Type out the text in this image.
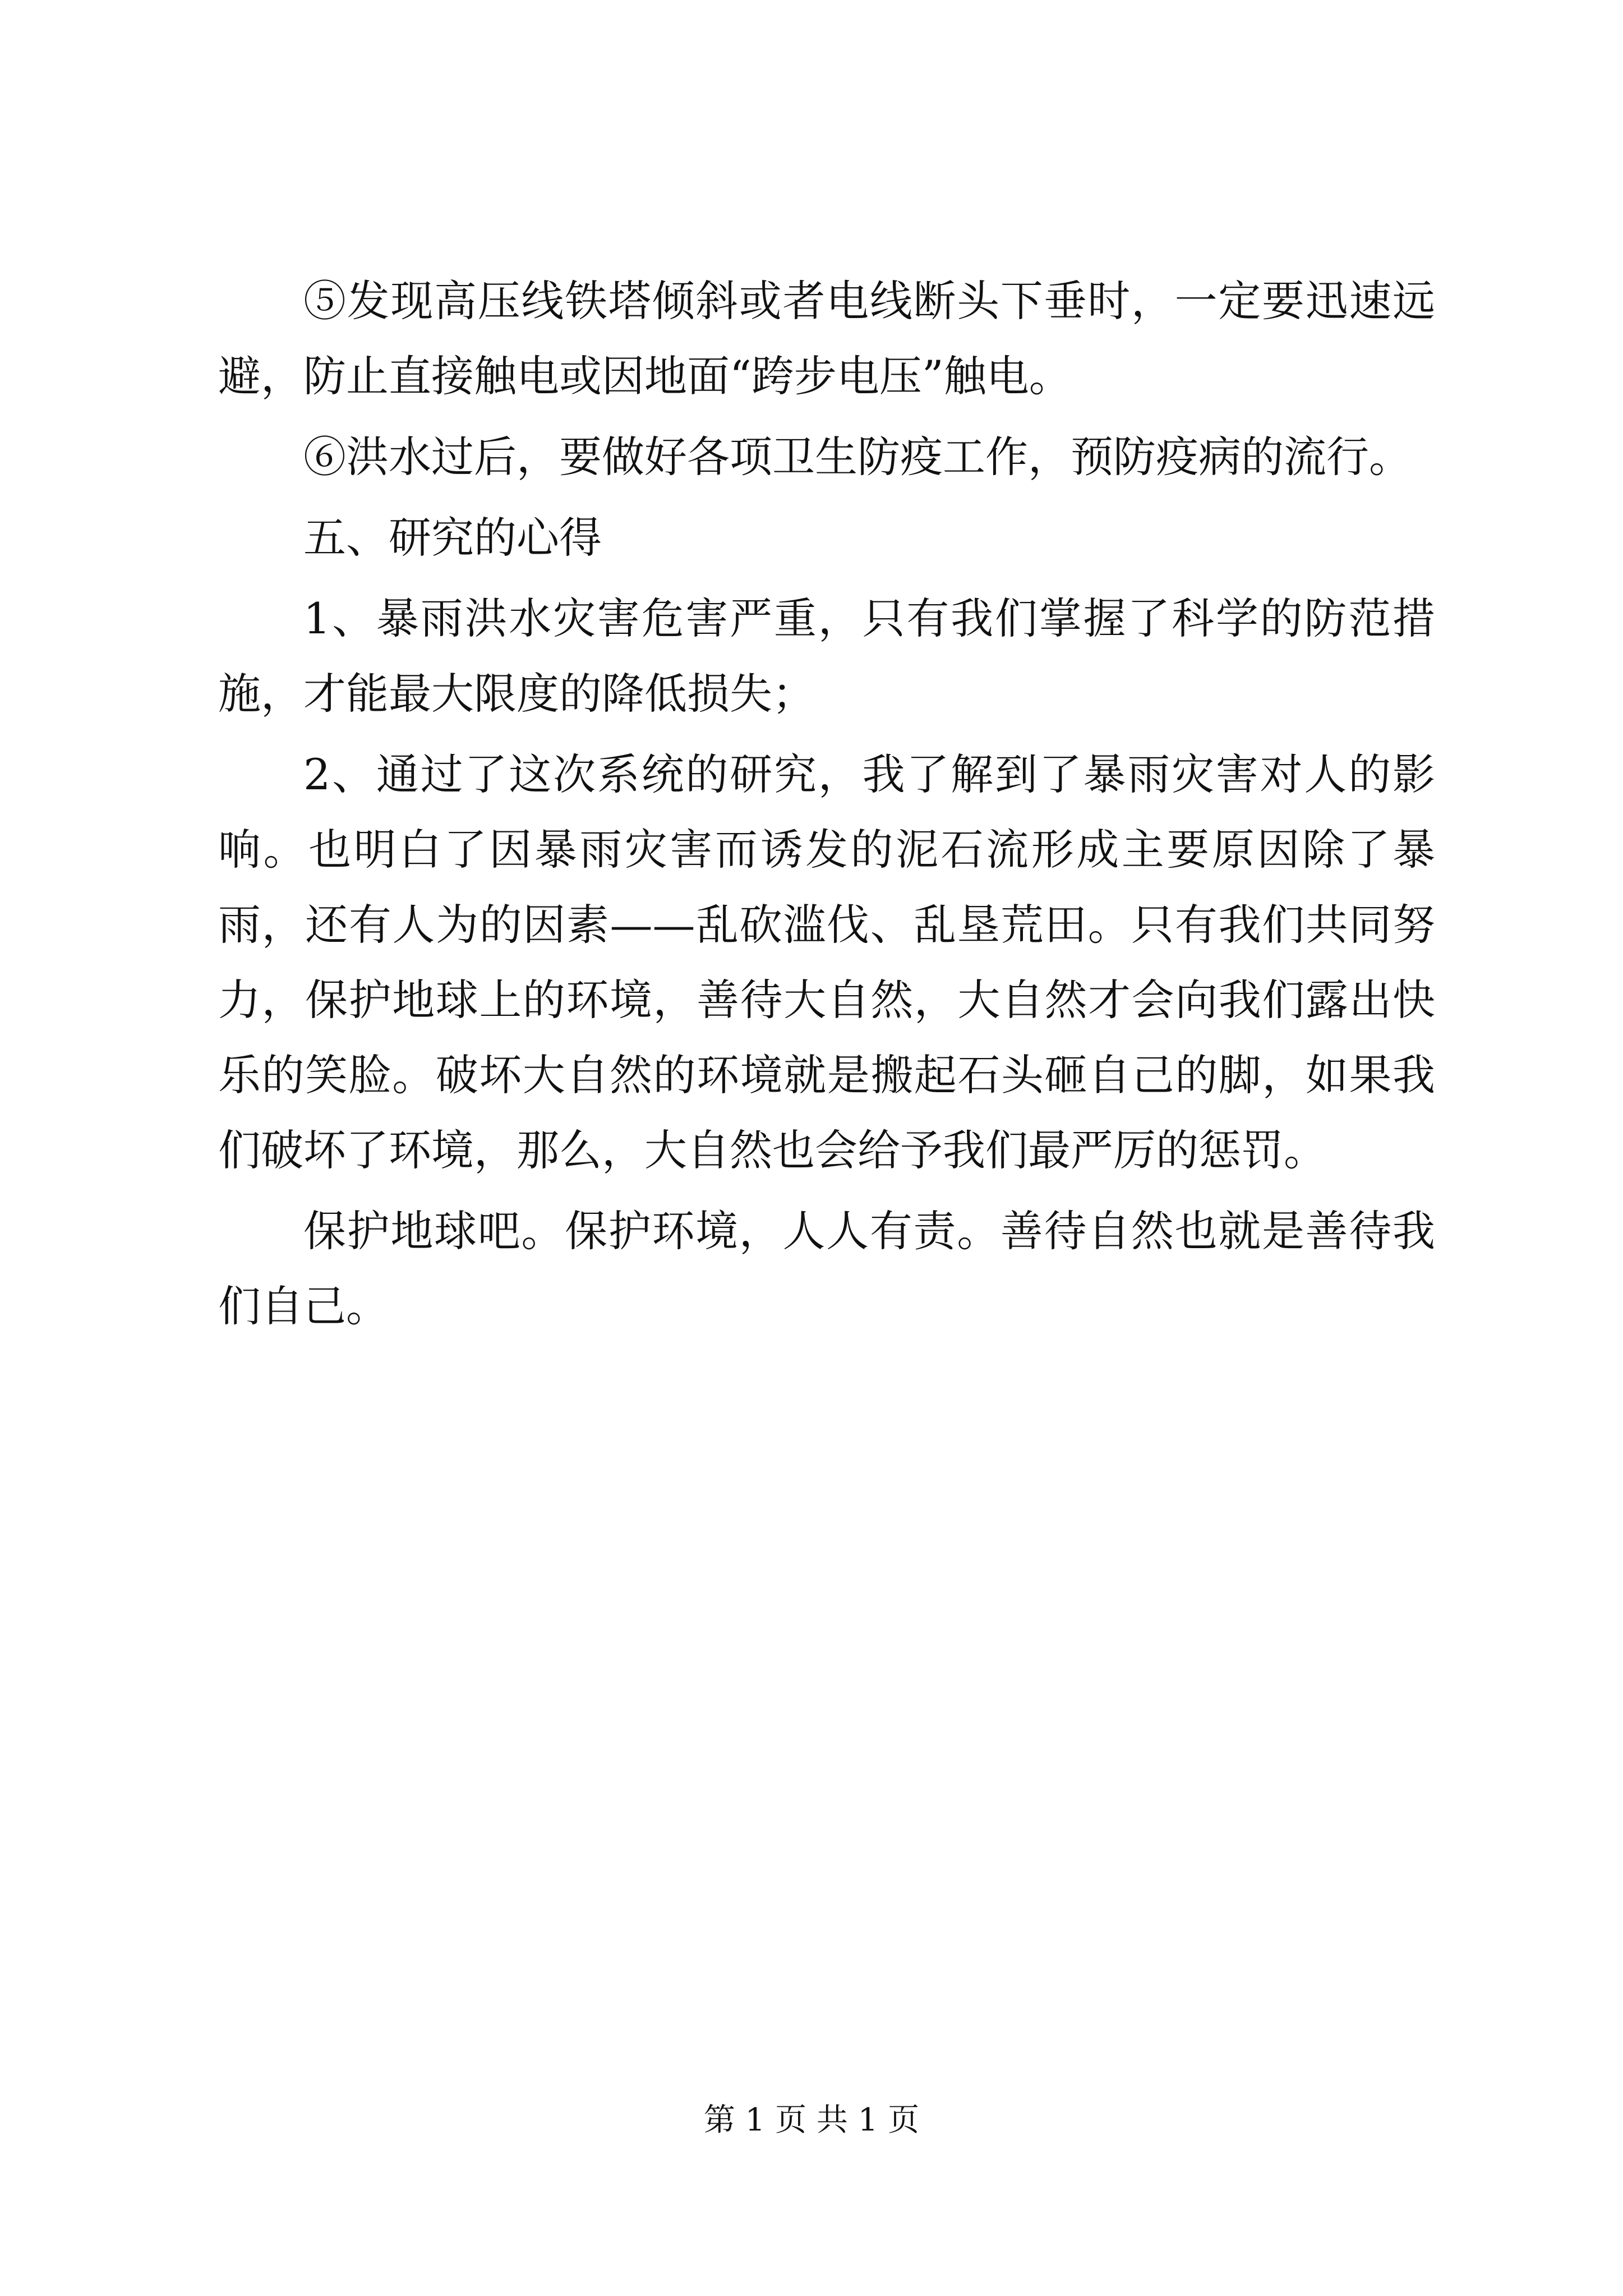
⑤发现高压线铁塔倾斜或者电线断头下垂时，一定要迅速远避，防止直接触电或因地面“跨步电压”触电。

⑥洪水过后，要做好各项卫生防疫工作，预防疫病的流行。

五、研究的心得

1、暴雨洪水灾害危害严重，只有我们掌握了科学的防范措施，才能最大限度的降低损失；

2、通过了这次系统的研究，我了解到了暴雨灾害对人的影响。也明白了因暴雨灾害而诱发的泥石流形成主要原因除了暴雨，还有人为的因素——乱砍滥伐、乱垦荒田。只有我们共同努力，保护地球上的环境，善待大自然，大自然才会向我们露出快乐的笑脸。破坏大自然的环境就是搬起石头砸自己的脚，如果我们破坏了环境，那么，大自然也会给予我们最严厉的惩罚。

保护地球吧。保护环境，人人有责。善待自然也就是善待我们自己。

第 1 页 共 1 页
